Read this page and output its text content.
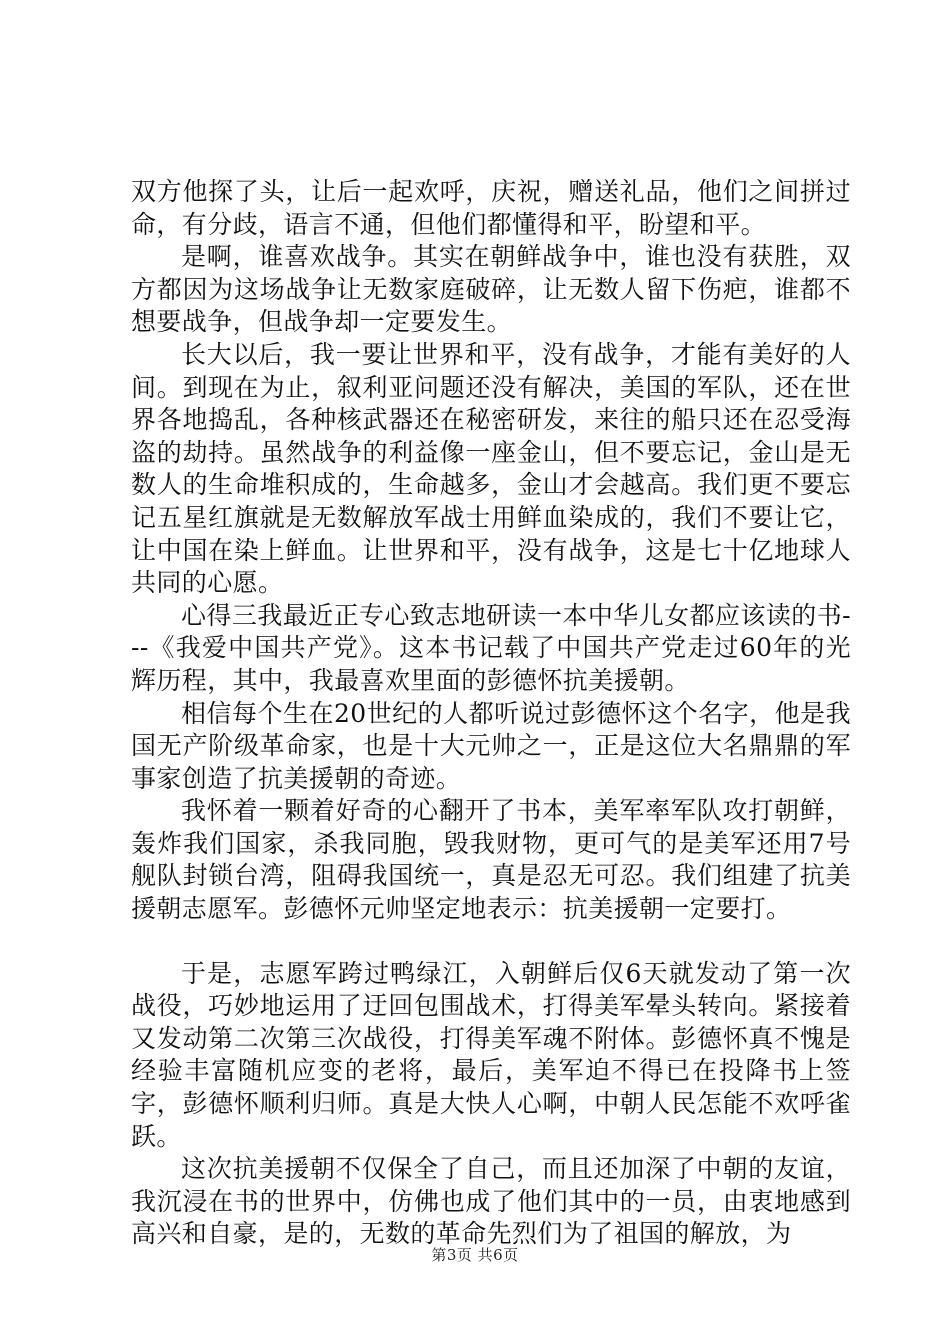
双方他探了头，让后一起欢呼，庆祝，赠送礼品，他们之间拼过命，有分歧，语言不通，但他们都懂得和平，盼望和平。

是啊，谁喜欢战争。其实在朝鲜战争中，谁也没有获胜，双方都因为这场战争让无数家庭破碎，让无数人留下伤疤，谁都不想要战争，但战争却一定要发生。

长大以后，我一要让世界和平，没有战争，才能有美好的人间。到现在为止，叙利亚问题还没有解决，美国的军队，还在世界各地捣乱，各种核武器还在秘密研发，来往的船只还在忍受海盗的劫持。虽然战争的利益像一座金山，但不要忘记，金山是无数人的生命堆积成的，生命越多，金山才会越高。我们更不要忘记五星红旗就是无数解放军战士用鲜血染成的，我们不要让它，让中国在染上鲜血。让世界和平，没有战争，这是七十亿地球人共同的心愿。

心得三我最近正专心致志地研读一本中华儿女都应该读的书---《我爱中国共产党》。这本书记载了中国共产党走过60年的光辉历程，其中，我最喜欢里面的彭德怀抗美援朝。

相信每个生在20世纪的人都听说过彭德怀这个名字，他是我国无产阶级革命家，也是十大元帅之一，正是这位大名鼎鼎的军事家创造了抗美援朝的奇迹。

我怀着一颗着好奇的心翻开了书本，美军率军队攻打朝鲜，轰炸我们国家，杀我同胞，毁我财物，更可气的是美军还用7号舰队封锁台湾，阻碍我国统一，真是忍无可忍。我们组建了抗美援朝志愿军。彭德怀元帅坚定地表示：抗美援朝一定要打。

于是，志愿军跨过鸭绿江，入朝鲜后仅6天就发动了第一次战役，巧妙地运用了迂回包围战术，打得美军晕头转向。紧接着又发动第二次第三次战役，打得美军魂不附体。彭德怀真不愧是经验丰富随机应变的老将，最后，美军迫不得已在投降书上签字，彭德怀顺利归师。真是大快人心啊，中朝人民怎能不欢呼雀跃。

这次抗美援朝不仅保全了自己，而且还加深了中朝的友谊，我沉浸在书的世界中，仿佛也成了他们其中的一员，由衷地感到高兴和自豪，是的，无数的革命先烈们为了祖国的解放，为

第3页 共6页
